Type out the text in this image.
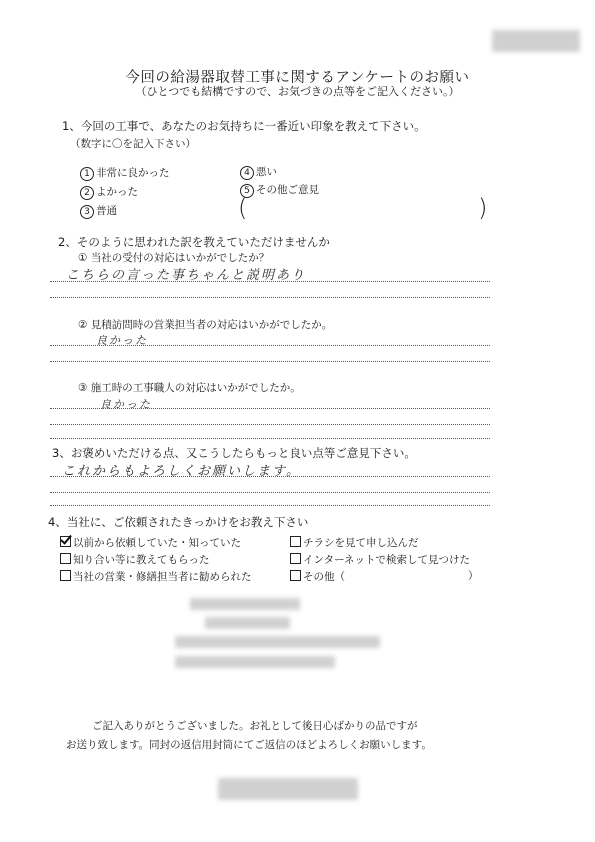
今回の給湯器取替工事に関するアンケートのお願い
（ひとつでも結構ですので、お気づきの点等をご記入ください。）
1、今回の工事で、あなたのお気持ちに一番近い印象を教えて下さい。
（数字に〇を記入下さい）
1 非常に良かった
2 よかった
3 普通
4 悪い
5 その他ご意見
(	)
2、そのように思われた訳を教えていただけませんか
① 当社の受付の対応はいかがでしたか？
こちらの言った事ちゃんと説明あり
② 見積訪問時の営業担当者の対応はいかがでしたか。
良かった
③ 施工時の工事職人の対応はいかがでしたか。
良かった
3、お褒めいただける点、又こうしたらもっと良い点等ご意見下さい。
これからもよろしくお願いします。
4、当社に、ご依頼されたきっかけをお教え下さい
以前から依頼していた・知っていた
知り合い等に教えてもらった
当社の営業・修繕担当者に勧められた
チラシを見て申し込んだ
インターネットで検索して見つけた
その他（	）
ご記入ありがとうございました。お礼として後日心ばかりの品ですが
お送り致します。同封の返信用封筒にてご返信のほどよろしくお願いします。
